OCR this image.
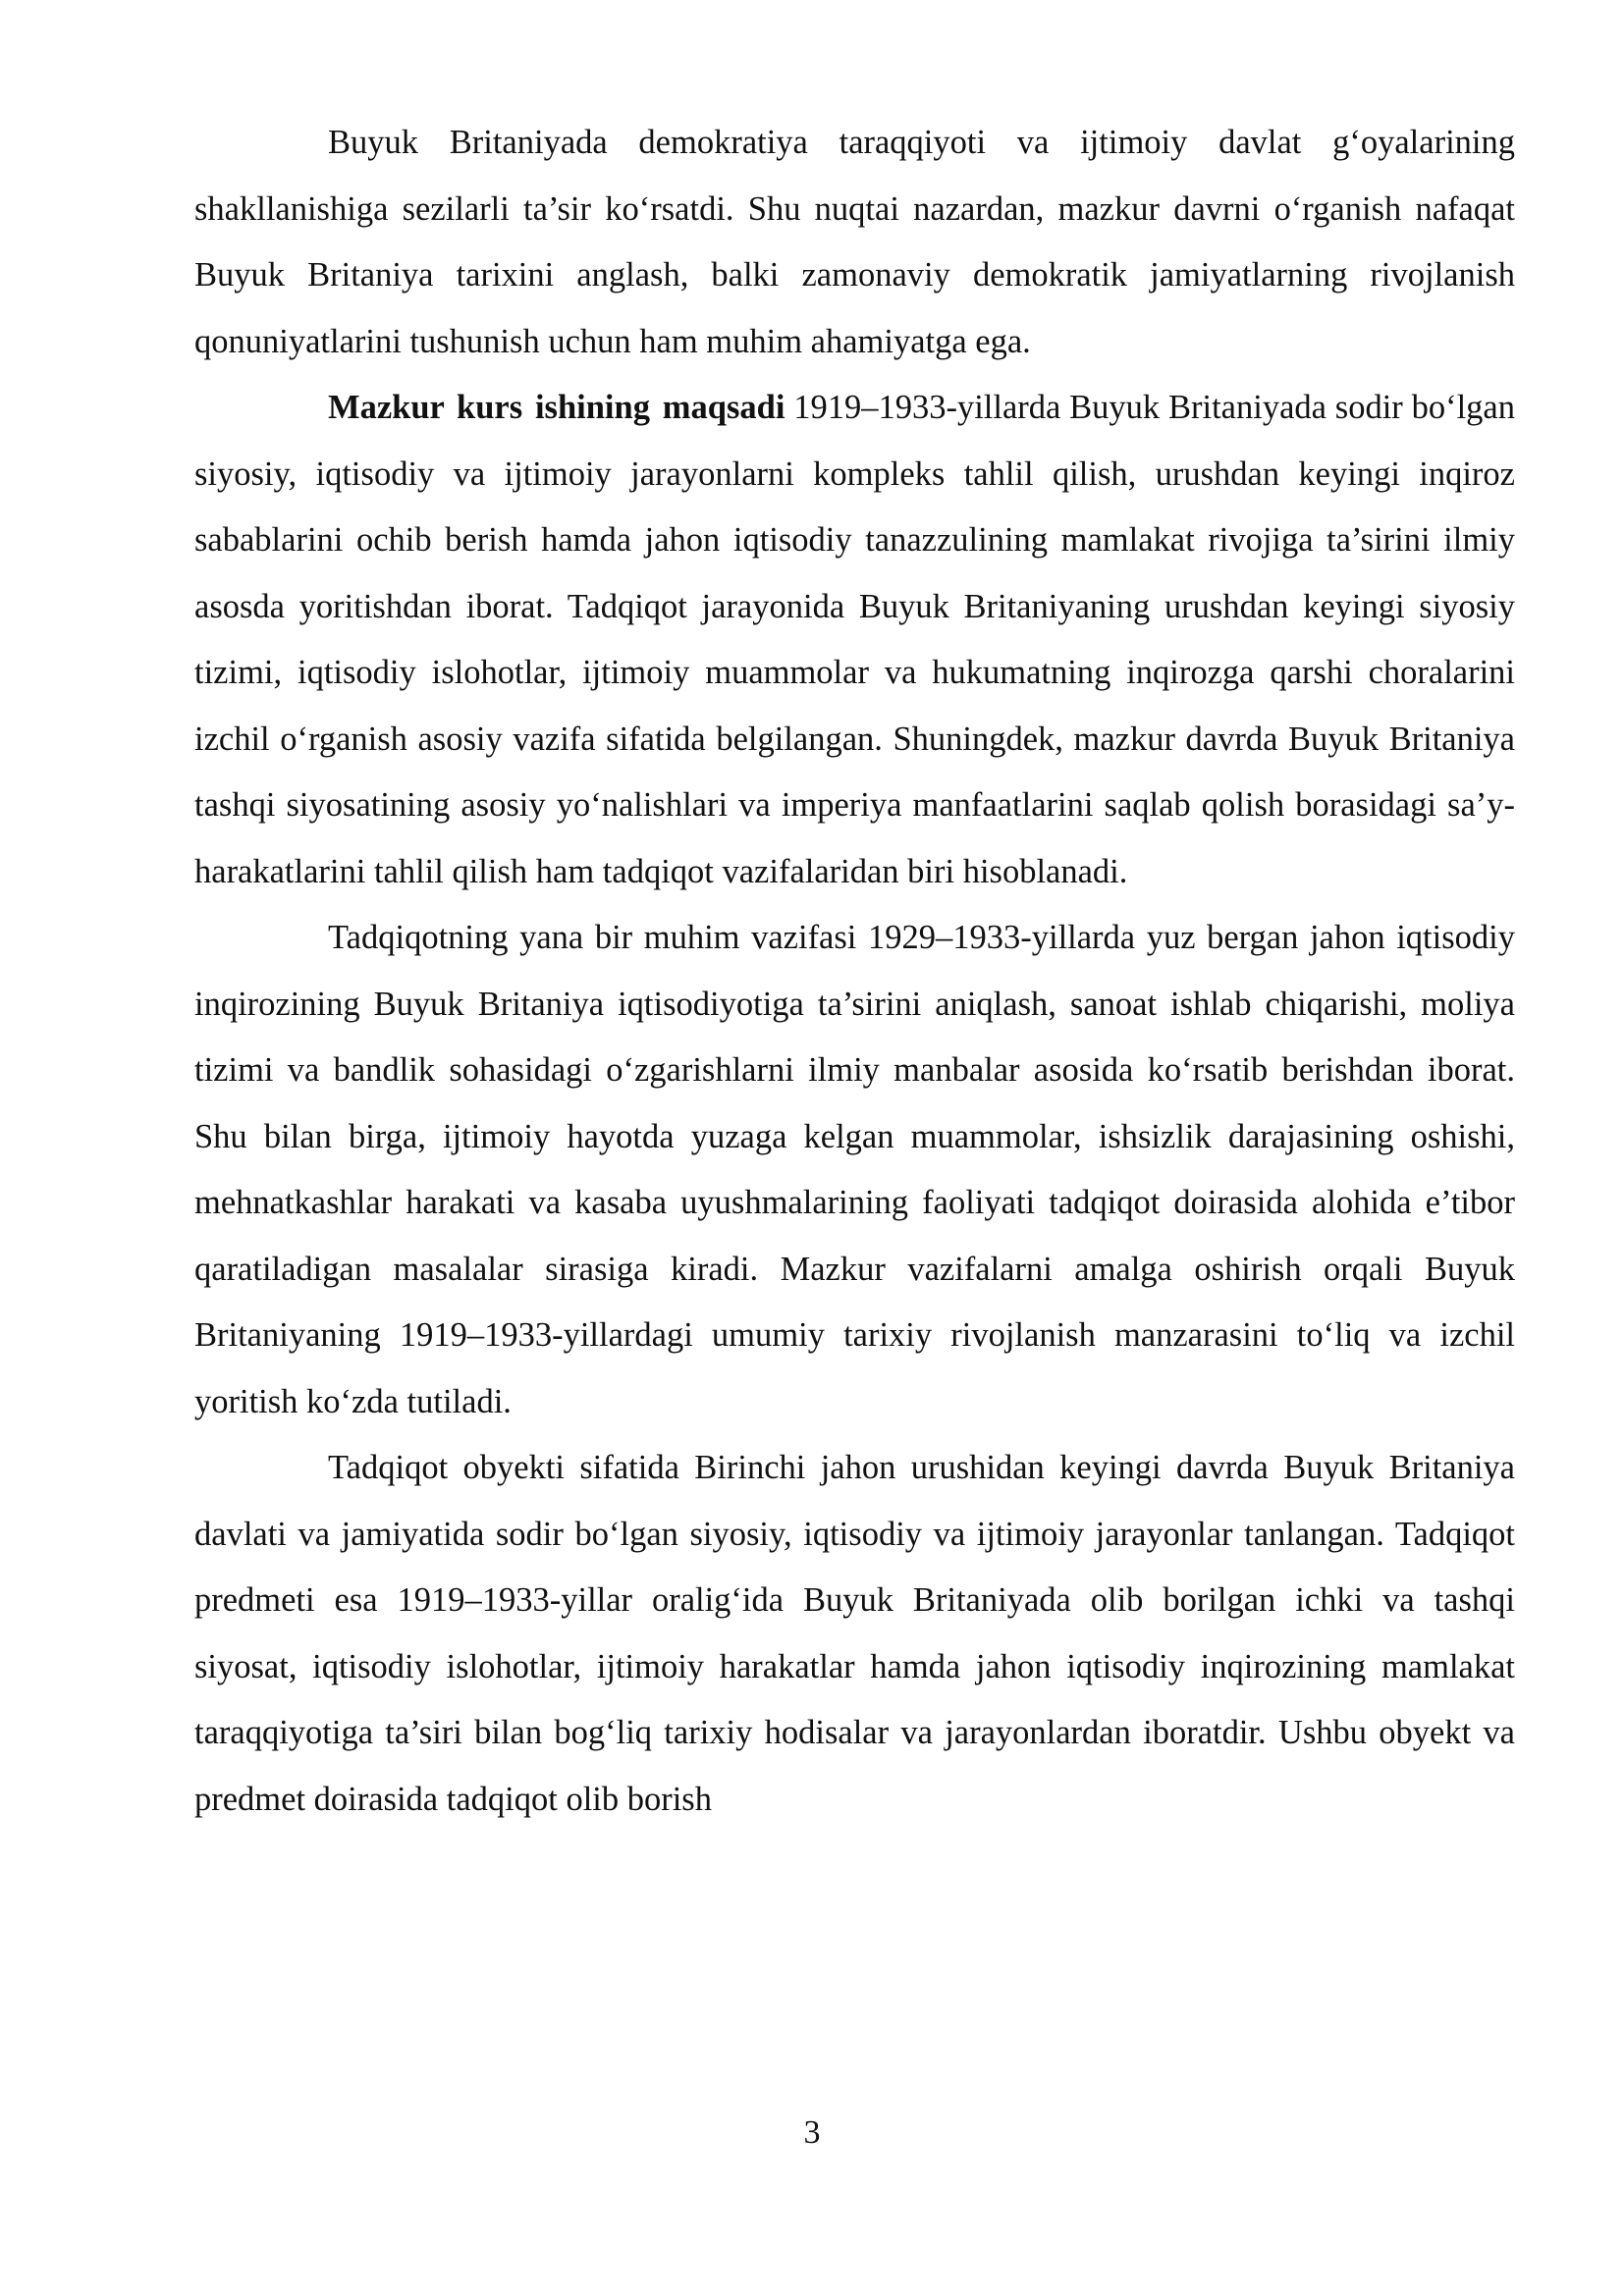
Buyuk Britaniyada demokratiya taraqqiyoti va ijtimoiy davlat g‘oyalarining shakllanishiga sezilarli ta’sir ko‘rsatdi. Shu nuqtai nazardan, mazkur davrni o‘rganish nafaqat Buyuk Britaniya tarixini anglash, balki zamonaviy demokratik jamiyatlarning rivojlanish qonuniyatlarini tushunish uchun ham muhim ahamiyatga ega.

Mazkur kurs ishining maqsadi 1919–1933-yillarda Buyuk Britaniyada sodir bo‘lgan siyosiy, iqtisodiy va ijtimoiy jarayonlarni kompleks tahlil qilish, urushdan keyingi inqiroz sabablarini ochib berish hamda jahon iqtisodiy tanazzulining mamlakat rivojiga ta’sirini ilmiy asosda yoritishdan iborat. Tadqiqot jarayonida Buyuk Britaniyaning urushdan keyingi siyosiy tizimi, iqtisodiy islohotlar, ijtimoiy muammolar va hukumatning inqirozga qarshi choralarini izchil o‘rganish asosiy vazifa sifatida belgilangan. Shuningdek, mazkur davrda Buyuk Britaniya tashqi siyosatining asosiy yo‘nalishlari va imperiya manfaatlarini saqlab qolish borasidagi sa’y-harakatlarini tahlil qilish ham tadqiqot vazifalaridan biri hisoblanadi.

Tadqiqotning yana bir muhim vazifasi 1929–1933-yillarda yuz bergan jahon iqtisodiy inqirozining Buyuk Britaniya iqtisodiyotiga ta’sirini aniqlash, sanoat ishlab chiqarishi, moliya tizimi va bandlik sohasidagi o‘zgarishlarni ilmiy manbalar asosida ko‘rsatib berishdan iborat. Shu bilan birga, ijtimoiy hayotda yuzaga kelgan muammolar, ishsizlik darajasining oshishi, mehnatkashlar harakati va kasaba uyushmalarining faoliyati tadqiqot doirasida alohida e’tibor qaratiladigan masalalar sirasiga kiradi. Mazkur vazifalarni amalga oshirish orqali Buyuk Britaniyaning 1919–1933-yillardagi umumiy tarixiy rivojlanish manzarasini to‘liq va izchil yoritish ko‘zda tutiladi.

Tadqiqot obyekti sifatida Birinchi jahon urushidan keyingi davrda Buyuk Britaniya davlati va jamiyatida sodir bo‘lgan siyosiy, iqtisodiy va ijtimoiy jarayonlar tanlangan. Tadqiqot predmeti esa 1919–1933-yillar oralig‘ida Buyuk Britaniyada olib borilgan ichki va tashqi siyosat, iqtisodiy islohotlar, ijtimoiy harakatlar hamda jahon iqtisodiy inqirozining mamlakat taraqqiyotiga ta’siri bilan bog‘liq tarixiy hodisalar va jarayonlardan iboratdir. Ushbu obyekt va predmet doirasida tadqiqot olib borish

3
